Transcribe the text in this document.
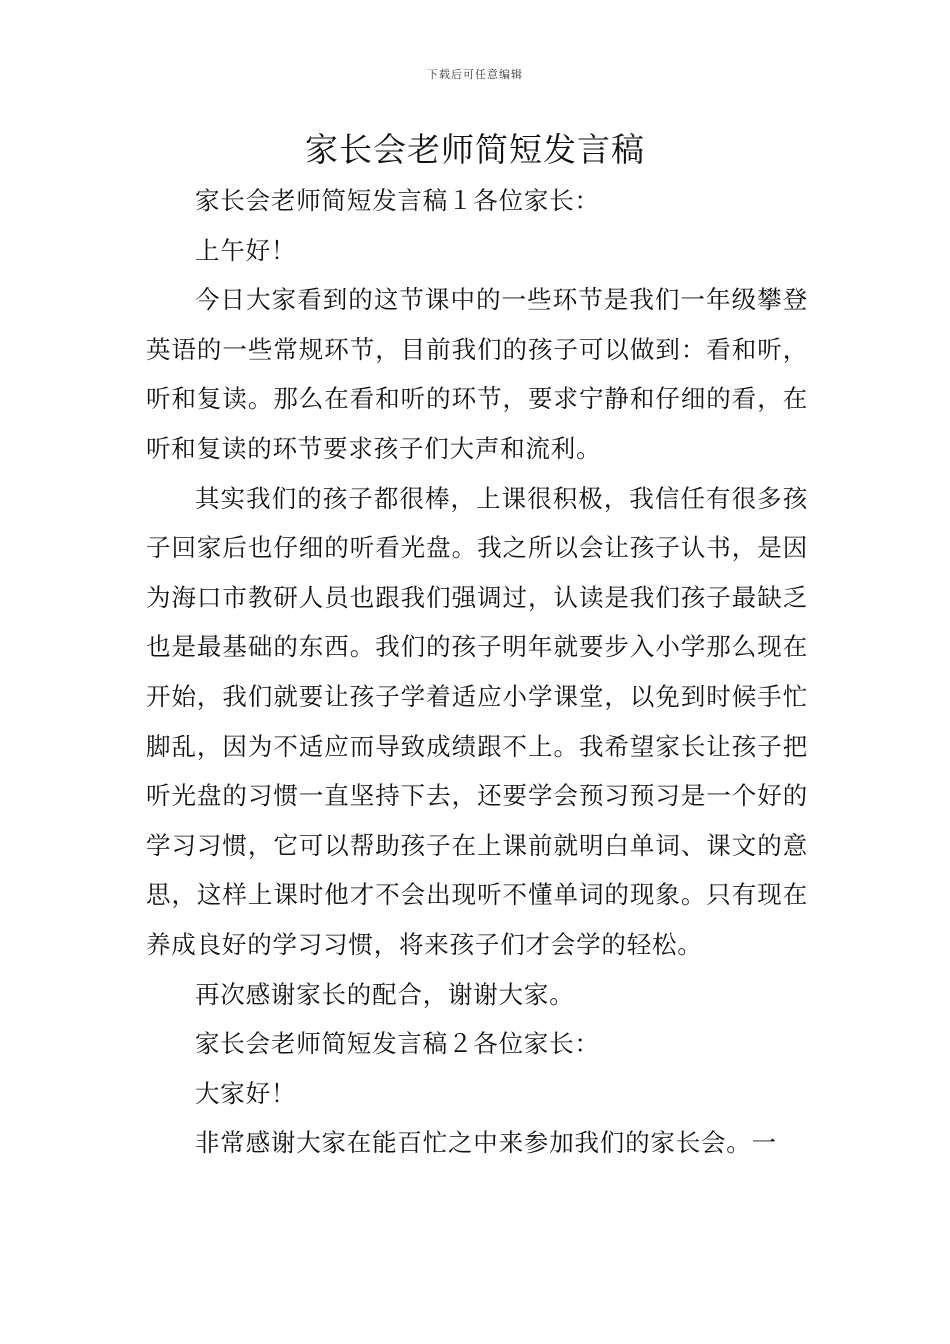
下载后可任意编辑
家长会老师简短发言稿

家长会老师简短发言稿１各位家长：

上午好！

今日大家看到的这节课中的一些环节是我们一年级攀登英语的一些常规环节，目前我们的孩子可以做到：看和听，听和复读。那么在看和听的环节，要求宁静和仔细的看，在听和复读的环节要求孩子们大声和流利。

其实我们的孩子都很棒，上课很积极，我信任有很多孩子回家后也仔细的听看光盘。我之所以会让孩子认书，是因为海口市教研人员也跟我们强调过，认读是我们孩子最缺乏也是最基础的东西。我们的孩子明年就要步入小学那么现在开始，我们就要让孩子学着适应小学课堂，以免到时候手忙脚乱，因为不适应而导致成绩跟不上。我希望家长让孩子把听光盘的习惯一直坚持下去，还要学会预习预习是一个好的学习习惯，它可以帮助孩子在上课前就明白单词、课文的意思，这样上课时他才不会出现听不懂单词的现象。只有现在养成良好的学习习惯，将来孩子们才会学的轻松。

再次感谢家长的配合，谢谢大家。

家长会老师简短发言稿２各位家长：

大家好！

非常感谢大家在能百忙之中来参加我们的家长会。一
